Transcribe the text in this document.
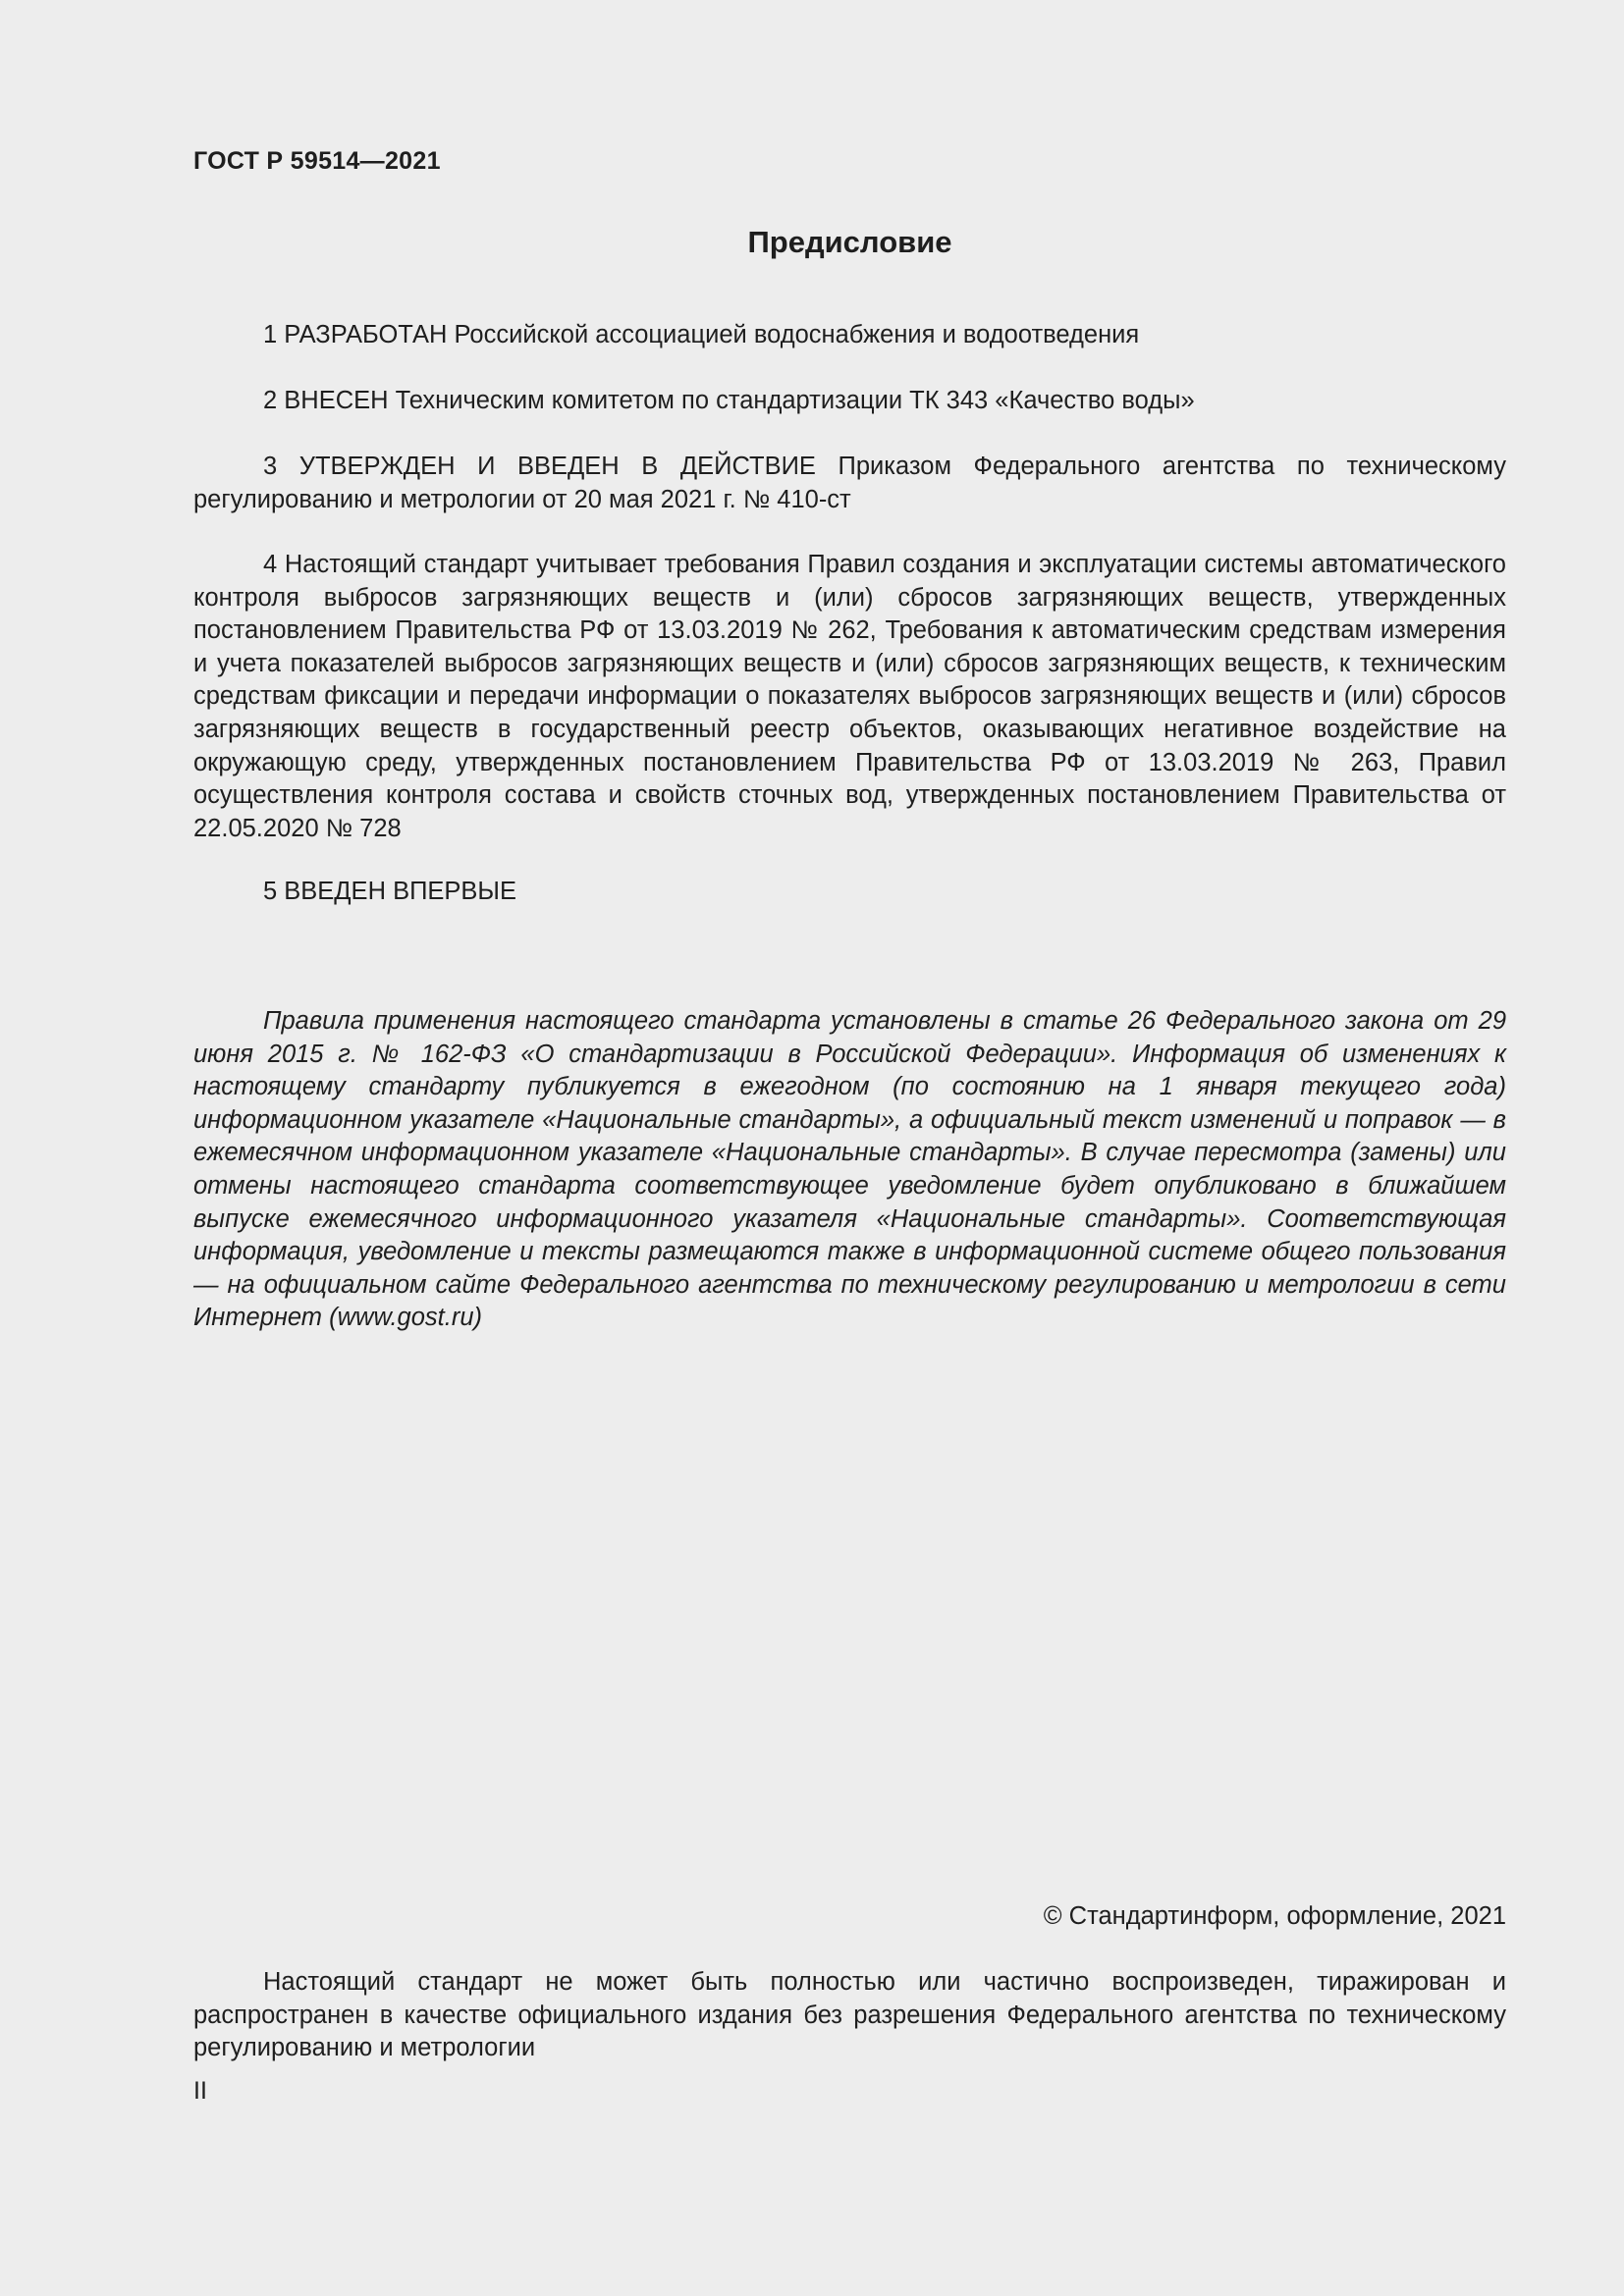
ГОСТ Р 59514—2021
Предисловие

1 РАЗРАБОТАН Российской ассоциацией водоснабжения и водоотведения

2 ВНЕСЕН Техническим комитетом по стандартизации ТК 343 «Качество воды»

3 УТВЕРЖДЕН И ВВЕДЕН В ДЕЙСТВИЕ Приказом Федерального агентства по техническому регулированию и метрологии от 20 мая 2021 г. № 410-ст

4 Настоящий стандарт учитывает требования Правил создания и эксплуатации системы автоматического контроля выбросов загрязняющих веществ и (или) сбросов загрязняющих веществ, утвержденных постановлением Правительства РФ от 13.03.2019 № 262, Требования к автоматическим средствам измерения и учета показателей выбросов загрязняющих веществ и (или) сбросов загрязняющих веществ, к техническим средствам фиксации и передачи информации о показателях выбросов загрязняющих веществ и (или) сбросов загрязняющих веществ в государственный реестр объектов, оказывающих негативное воздействие на окружающую среду, утвержденных постановлением Правительства РФ от 13.03.2019 № 263, Правил осуществления контроля состава и свойств сточных вод, утвержденных постановлением Правительства от 22.05.2020 № 728

5 ВВЕДЕН ВПЕРВЫЕ

Правила применения настоящего стандарта установлены в статье 26 Федерального закона от 29 июня 2015 г. № 162-ФЗ «О стандартизации в Российской Федерации». Информация об изменениях к настоящему стандарту публикуется в ежегодном (по состоянию на 1 января текущего года) информационном указателе «Национальные стандарты», а официальный текст изменений и поправок — в ежемесячном информационном указателе «Национальные стандарты». В случае пересмотра (замены) или отмены настоящего стандарта соответствующее уведомление будет опубликовано в ближайшем выпуске ежемесячного информационного указателя «Национальные стандарты». Соответствующая информация, уведомление и тексты размещаются также в информационной системе общего пользования — на официальном сайте Федерального агентства по техническому регулированию и метрологии в сети Интернет (www.gost.ru)

© Стандартинформ, оформление, 2021

Настоящий стандарт не может быть полностью или частично воспроизведен, тиражирован и распространен в качестве официального издания без разрешения Федерального агентства по техническому регулированию и метрологии

II
